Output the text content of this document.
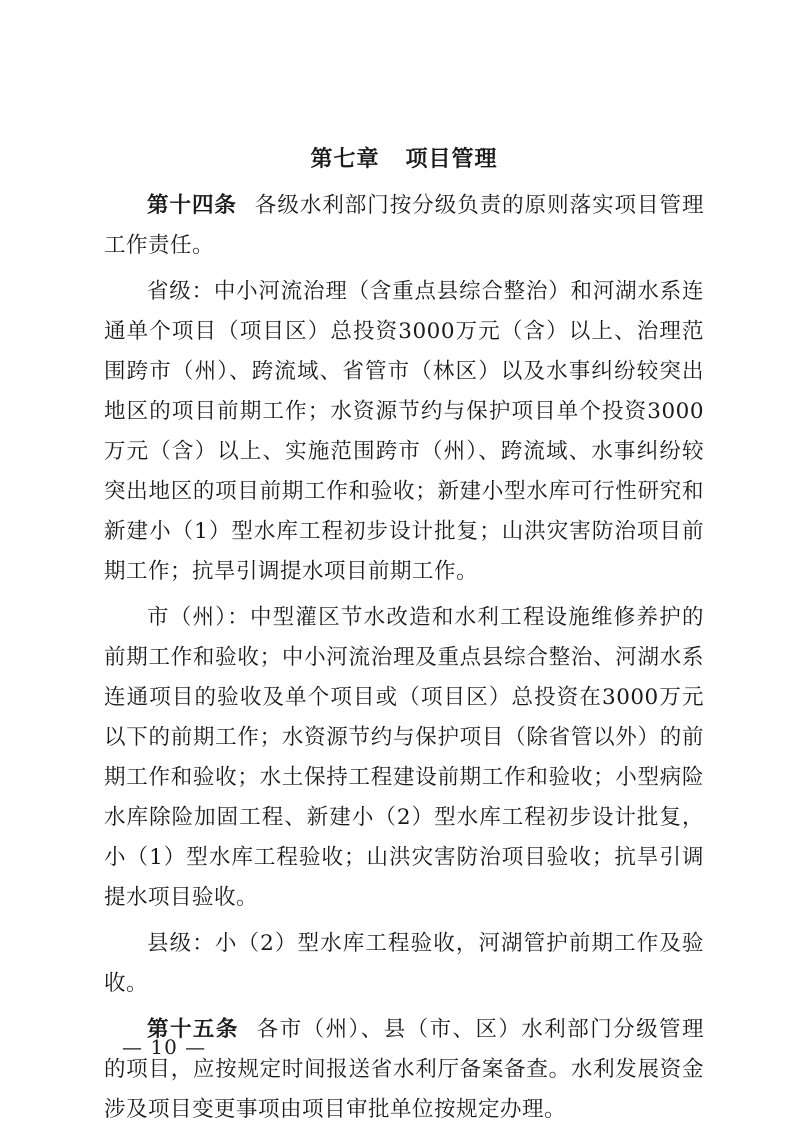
第七章 项目管理

第十四条 各级水利部门按分级负责的原则落实项目管理工作责任。

省级：中小河流治理（含重点县综合整治）和河湖水系连通单个项目（项目区）总投资3000万元（含）以上、治理范围跨市（州）、跨流域、省管市（林区）以及水事纠纷较突出地区的项目前期工作；水资源节约与保护项目单个投资3000万元（含）以上、实施范围跨市（州）、跨流域、水事纠纷较突出地区的项目前期工作和验收；新建小型水库可行性研究和新建小（1）型水库工程初步设计批复；山洪灾害防治项目前期工作；抗旱引调提水项目前期工作。

市（州）：中型灌区节水改造和水利工程设施维修养护的前期工作和验收；中小河流治理及重点县综合整治、河湖水系连通项目的验收及单个项目或（项目区）总投资在3000万元以下的前期工作；水资源节约与保护项目（除省管以外）的前期工作和验收；水土保持工程建设前期工作和验收；小型病险水库除险加固工程、新建小（2）型水库工程初步设计批复，小（1）型水库工程验收；山洪灾害防治项目验收；抗旱引调提水项目验收。

县级：小（2）型水库工程验收，河湖管护前期工作及验收。

第十五条 各市（州）、县（市、区）水利部门分级管理的项目，应按规定时间报送省水利厅备案备查。水利发展资金涉及项目变更事项由项目审批单位按规定办理。

— 10 —
